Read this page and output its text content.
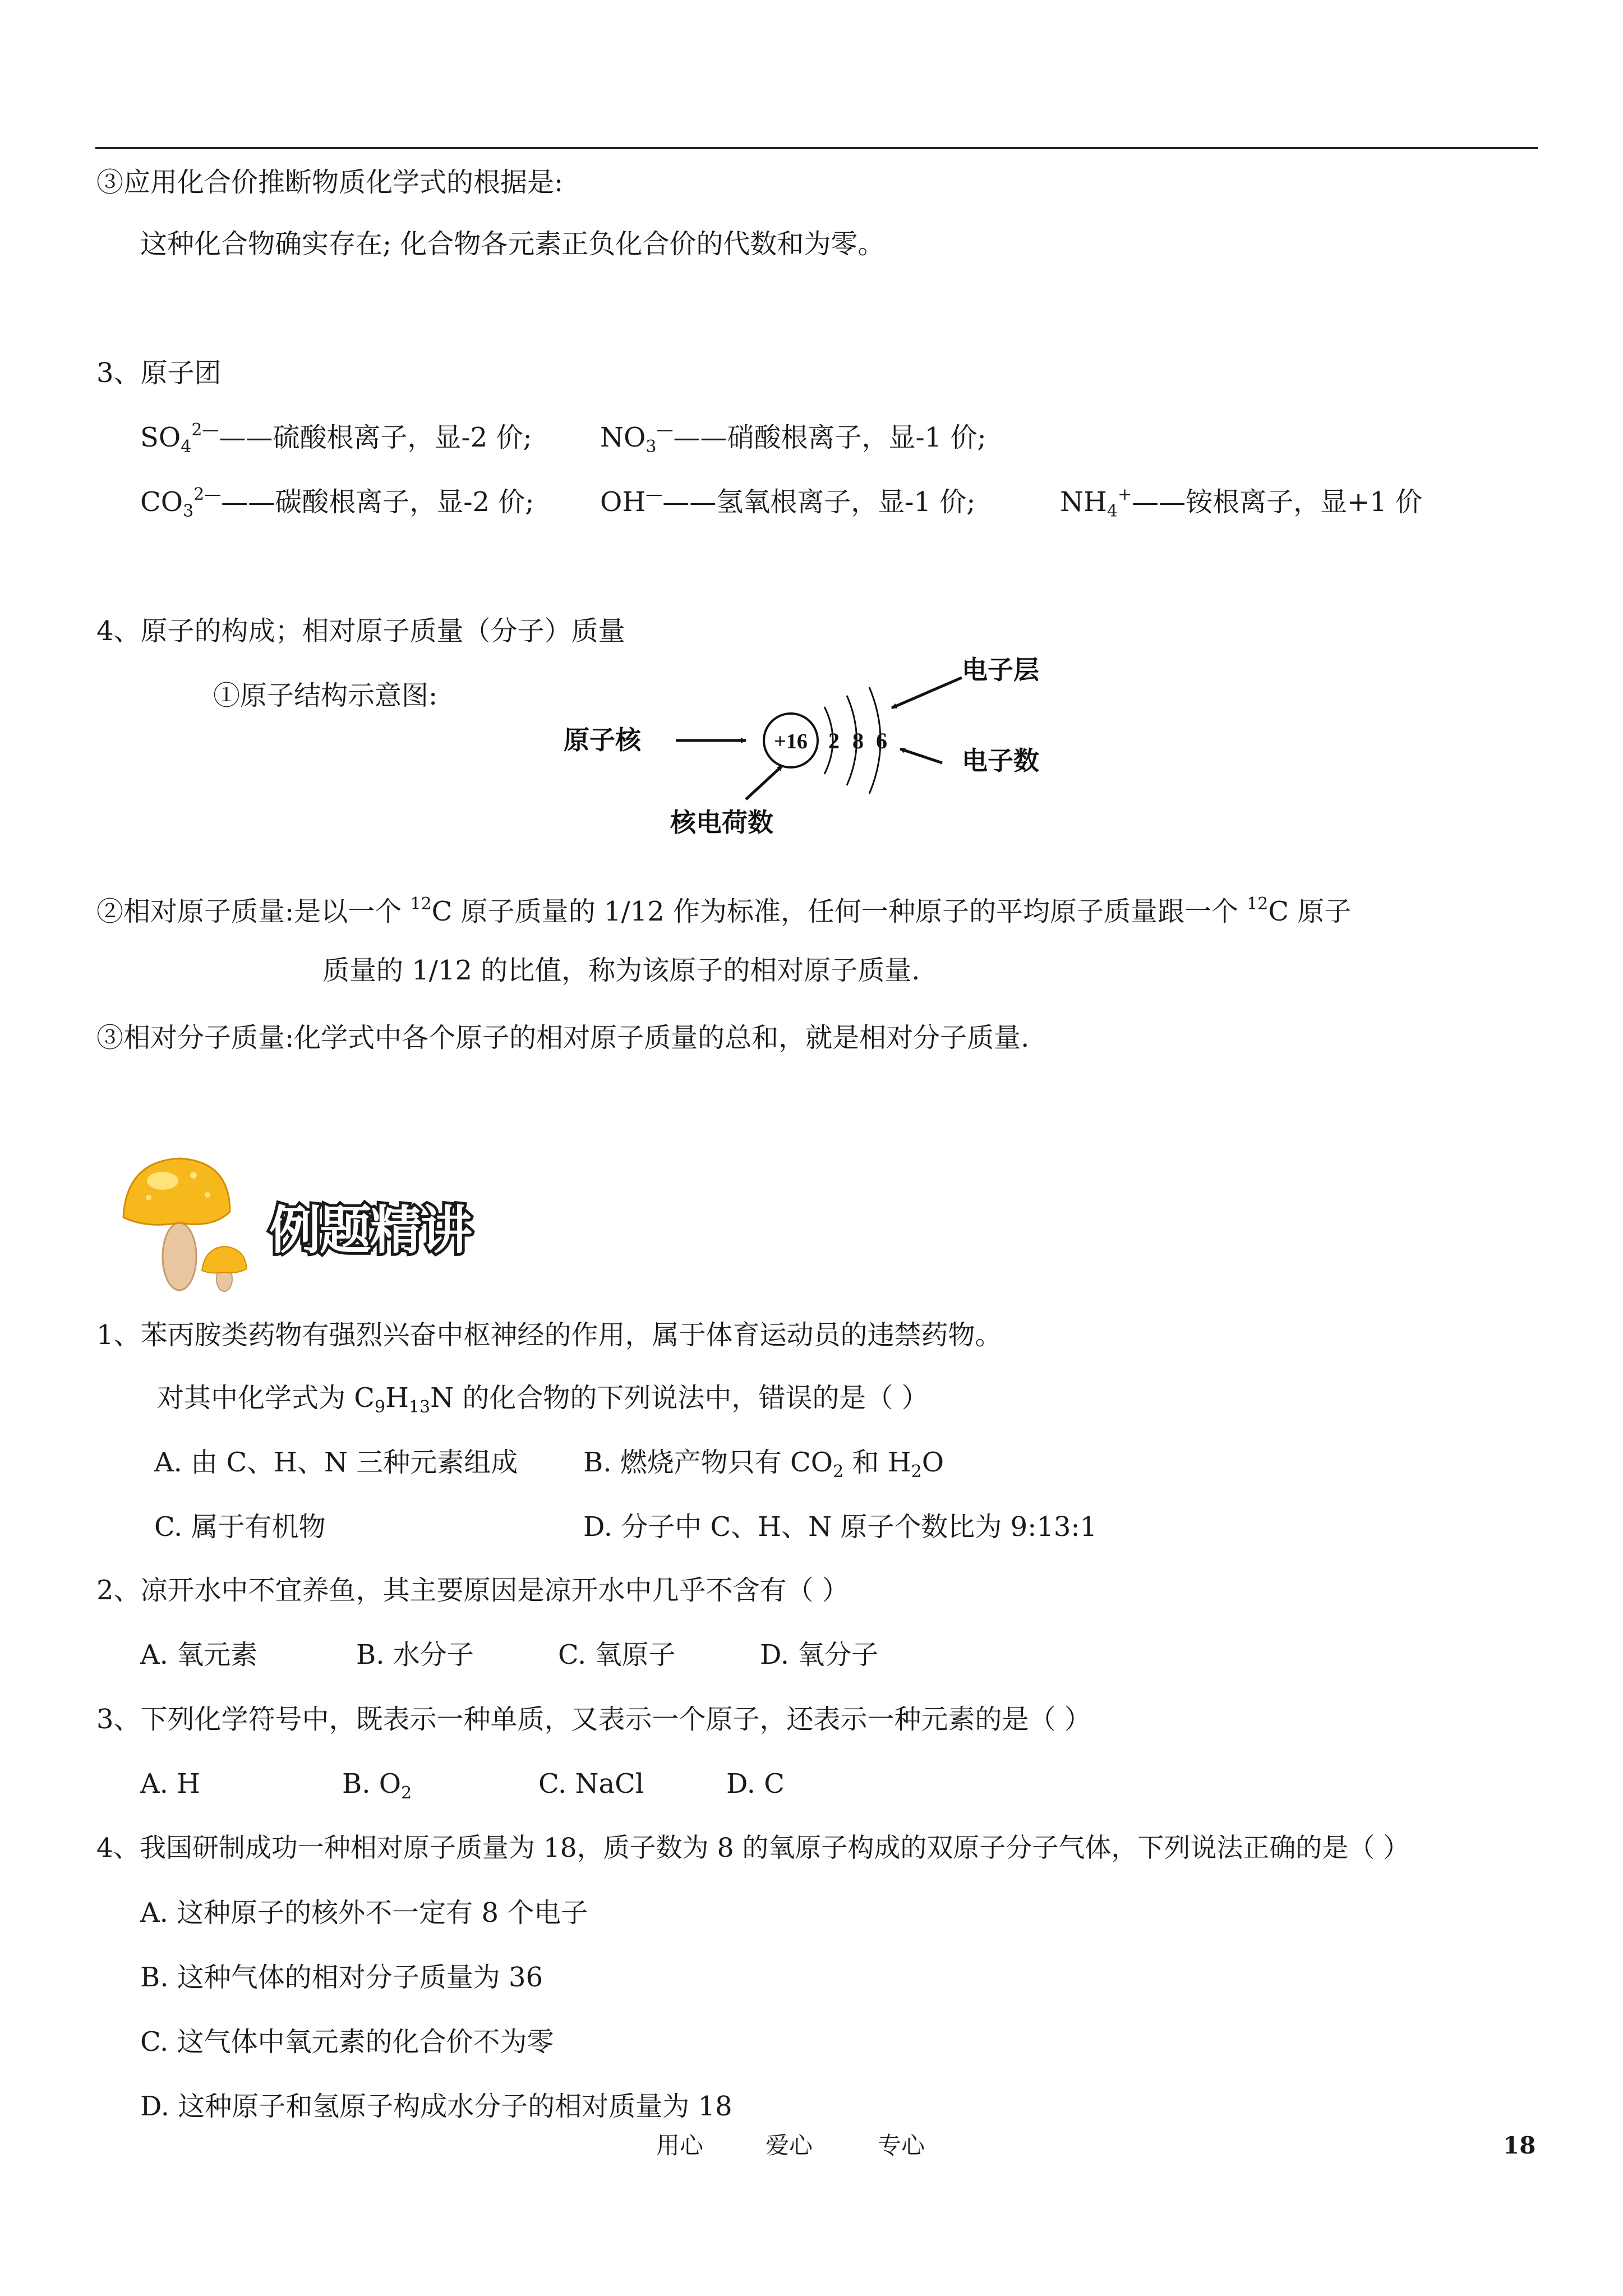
③应用化合价推断物质化学式的根据是:
这种化合物确实存在; 化合物各元素正负化合价的代数和为零。
3、原子团
$SO_4^{2—}——$硫酸根离子，显-2 价;	$NO_3^———$硝酸根离子，显-1 价;
$CO_3^{2—}——$碳酸根离子，显-2 价; OH———氢氧根离子，显-1 价;	$NH_4^+——$铵根离子，显+1 价
4、原子的构成；相对原子质量（分子）质量
①原子结构示意图:
原子核	+16 2 8 6
电子层
电子数
核电荷数
②相对原子质量:是以一个 $^{12}$C 原子质量的 1/12 作为标准，任何一种原子的平均原子质量跟一个 $^{12}$C 原子
质量的 1/12 的比值，称为该原子的相对原子质量.
③相对分子质量:化学式中各个原子的相对原子质量的总和，就是相对分子质量.
例题精讲
1、苯丙胺类药物有强烈兴奋中枢神经的作用，属于体育运动员的违禁药物。
对其中化学式为 $C_9H_{13}N$ 的化合物的下列说法中，错误的是（ ）
A. 由 C、H、N 三种元素组成 B. 燃烧产物只有 $CO_2$ 和 $H_2O$
C. 属于有机物	D. 分子中 C、H、N 原子个数比为 9:13:1
2、凉开水中不宜养鱼，其主要原因是凉开水中几乎不含有（ ）
A. 氧元素	B. 水分子	C. 氧原子	D. 氧分子
3、下列化学符号中，既表示一种单质，又表示一个原子，还表示一种元素的是（ ）
A. H	B. $O_2$	C. NaCl	D. C
4、我国研制成功一种相对原子质量为 18，质子数为 8 的氧原子构成的双原子分子气体，下列说法正确的是（ ）
A. 这种原子的核外不一定有 8 个电子
B. 这种气体的相对分子质量为 36
C. 这气体中氧元素的化合价不为零
D. 这种原子和氢原子构成水分子的相对质量为 18
用心	爱心	专心	18
